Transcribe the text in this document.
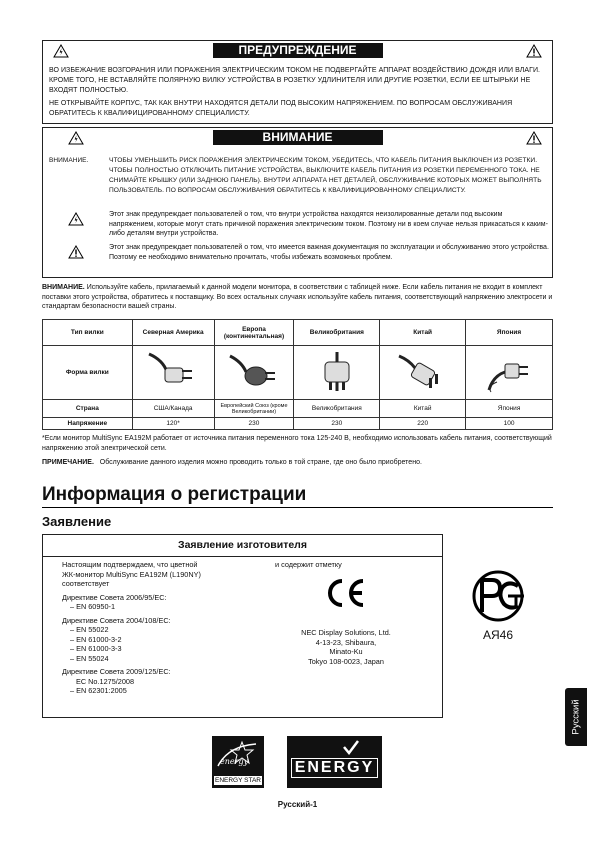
ПРЕДУПРЕЖДЕНИЕ
ВО ИЗБЕЖАНИЕ ВОЗГОРАНИЯ ИЛИ ПОРАЖЕНИЯ ЭЛЕКТРИЧЕСКИМ ТОКОМ НЕ ПОДВЕРГАЙТЕ АППАРАТ ВОЗДЕЙСТВИЮ ДОЖДЯ ИЛИ ВЛАГИ. КРОМЕ ТОГО, НЕ ВСТАВЛЯЙТЕ ПОЛЯРНУЮ ВИЛКУ УСТРОЙСТВА В РОЗЕТКУ УДЛИНИТЕЛЯ ИЛИ ДРУГИЕ РОЗЕТКИ, ЕСЛИ ЕЕ ШТЫРЬКИ НЕ ВХОДЯТ ПОЛНОСТЬЮ.
НЕ ОТКРЫВАЙТЕ КОРПУС, ТАК КАК ВНУТРИ НАХОДЯТСЯ ДЕТАЛИ ПОД ВЫСОКИМ НАПРЯЖЕНИЕМ. ПО ВОПРОСАМ ОБСЛУЖИВАНИЯ ОБРАТИТЕСЬ К КВАЛИФИЦИРОВАННОМУ СПЕЦИАЛИСТУ.
ВНИМАНИЕ
ВНИМАНИЕ.	ЧТОБЫ УМЕНЬШИТЬ РИСК ПОРАЖЕНИЯ ЭЛЕКТРИЧЕСКИМ ТОКОМ, УБЕДИТЕСЬ, ЧТО КАБЕЛЬ ПИТАНИЯ ВЫКЛЮЧЕН ИЗ РОЗЕТКИ. ЧТОБЫ ПОЛНОСТЬЮ ОТКЛЮЧИТЬ ПИТАНИЕ УСТРОЙСТВА, ВЫКЛЮЧИТЕ КАБЕЛЬ ПИТАНИЯ ИЗ РОЗЕТКИ ПЕРЕМЕННОГО ТОКА. НЕ СНИМАЙТЕ КРЫШКУ (ИЛИ ЗАДНЮЮ ПАНЕЛЬ). ВНУТРИ АППАРАТА НЕТ ДЕТАЛЕЙ, ОБСЛУЖИВАНИЕ КОТОРЫХ МОЖЕТ ВЫПОЛНЯТЬ ПОЛЬЗОВАТЕЛЬ. ПО ВОПРОСАМ ОБСЛУЖИВАНИЯ ОБРАТИТЕСЬ К КВАЛИФИЦИРОВАННОМУ СПЕЦИАЛИСТУ.
Этот знак предупреждает пользователей о том, что внутри устройства находятся неизолированные детали под высоким напряжением, которые могут стать причиной поражения электрическим током. Поэтому ни в коем случае нельзя прикасаться к каким-либо деталям внутри устройства.
Этот знак предупреждает пользователей о том, что имеется важная документация по эксплуатации и обслуживанию этого устройства. Поэтому ее необходимо внимательно прочитать, чтобы избежать возможных проблем.
ВНИМАНИЕ. Используйте кабель, прилагаемый к данной модели монитора, в соответствии с таблицей ниже. Если кабель питания не входит в комплект поставки этого устройства, обратитесь к поставщику. Во всех остальных случаях используйте кабель питания, соответствующий напряжению электросети и стандартам безопасности вашей страны.
Тип вилки	Северная Америка	Европа (континентальная)	Великобритания	Китай	Япония
Форма вилки					
Страна	США/Канада	Европейский Союз (кроме Великобритании)	Великобритания	Китай	Япония
Напряжение	120*	230	230	220	100
*Если монитор MultiSync EA192M работает от источника питания переменного тока 125-240 В, необходимо использовать кабель питания, соответствующий напряжению этой электрической сети.
ПРИМЕЧАНИЕ. Обслуживание данного изделия можно проводить только в той стране, где оно было приобретено.
Информация о регистрации
Заявление
Заявление изготовителя
Настоящим подтверждаем, что цветной
ЖК-монитор MultiSync EA192M (L190NY)
соответствует
Директиве Совета 2006/95/EC:
– EN 60950-1
Директиве Совета 2004/108/EC:
– EN 55022
– EN 61000-3-2
– EN 61000-3-3
– EN 55024
Директиве Совета 2009/125/EC:
EC No.1275/2008
– EN 62301:2005
и содержит отметку
NEC Display Solutions, Ltd.
4-13-23, Shibaura,
Minato-Ku
Tokyo 108-0023, Japan
АЯ46
Русский
energy
ENERGY STAR
ENERGY
Русский-1
